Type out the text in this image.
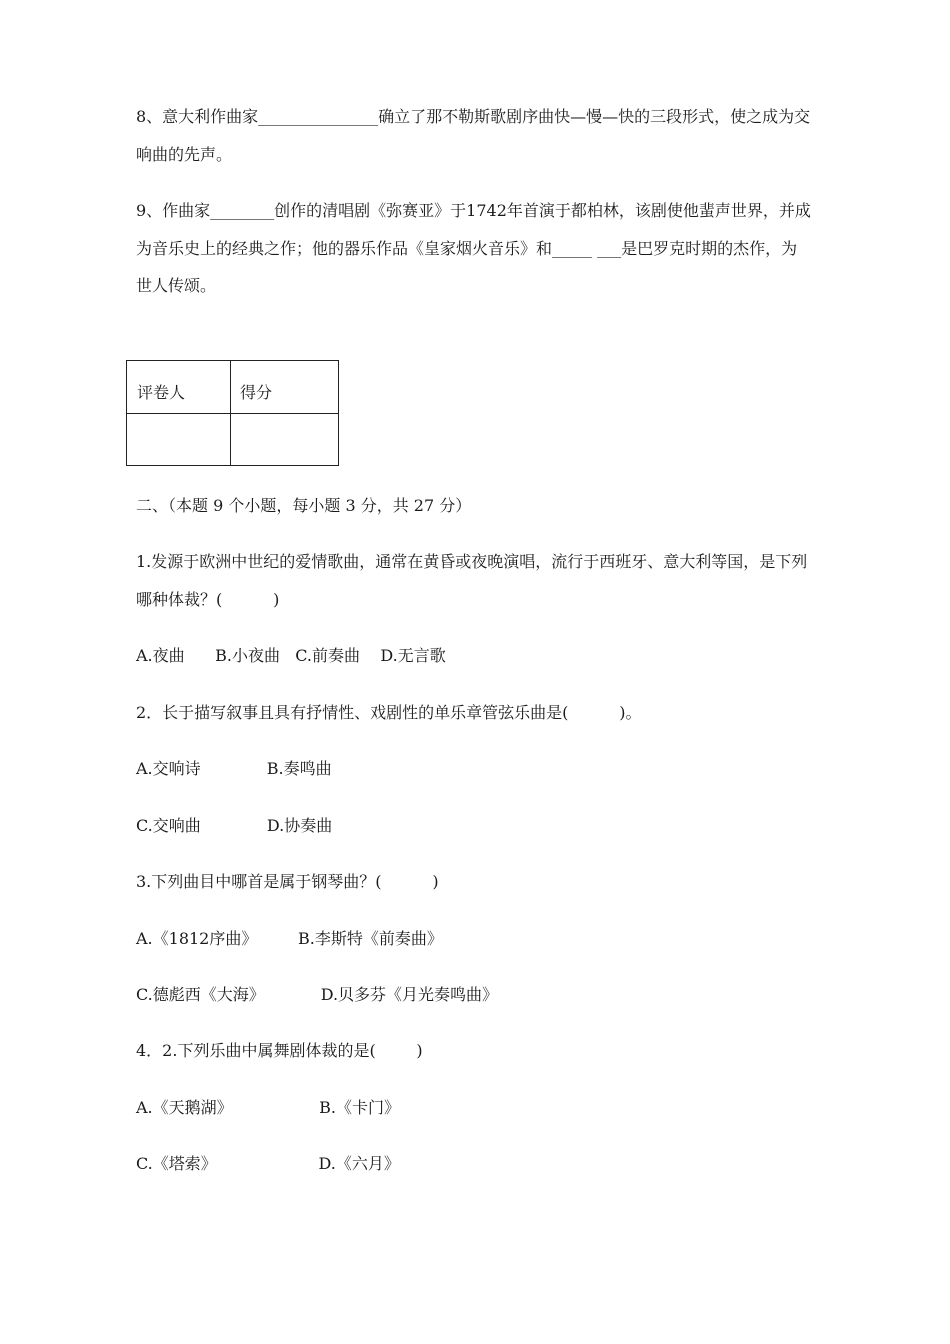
8、意大利作曲家_______________确立了那不勒斯歌剧序曲快—慢—快的三段形式，使之成为交
响曲的先声。
9、作曲家________创作的清唱剧《弥赛亚》于1742年首演于都柏林，该剧使他蜚声世界，并成
为音乐史上的经典之作；他的器乐作品《皇家烟火音乐》和_____ ___是巴罗克时期的杰作，为
世人传颂。
评卷人	得分
二、（本题 9 个小题，每小题 3 分，共 27 分）
1.发源于欧洲中世纪的爱情歌曲，通常在黄昏或夜晚演唱，流行于西班牙、意大利等国，是下列
哪种体裁？(          )
A.夜曲      B.小夜曲   C.前奏曲    D.无言歌
2．长于描写叙事且具有抒情性、戏剧性的单乐章管弦乐曲是(          )。
A.交响诗             B.奏鸣曲
C.交响曲             D.协奏曲
3.下列曲目中哪首是属于钢琴曲？(          )
A.《1812序曲》        B.李斯特《前奏曲》
C.德彪西《大海》           D.贝多芬《月光奏鸣曲》
4．2.下列乐曲中属舞剧体裁的是(        )
A.《天鹅湖》                 B.《卡门》
C.《塔索》                    D.《六月》
